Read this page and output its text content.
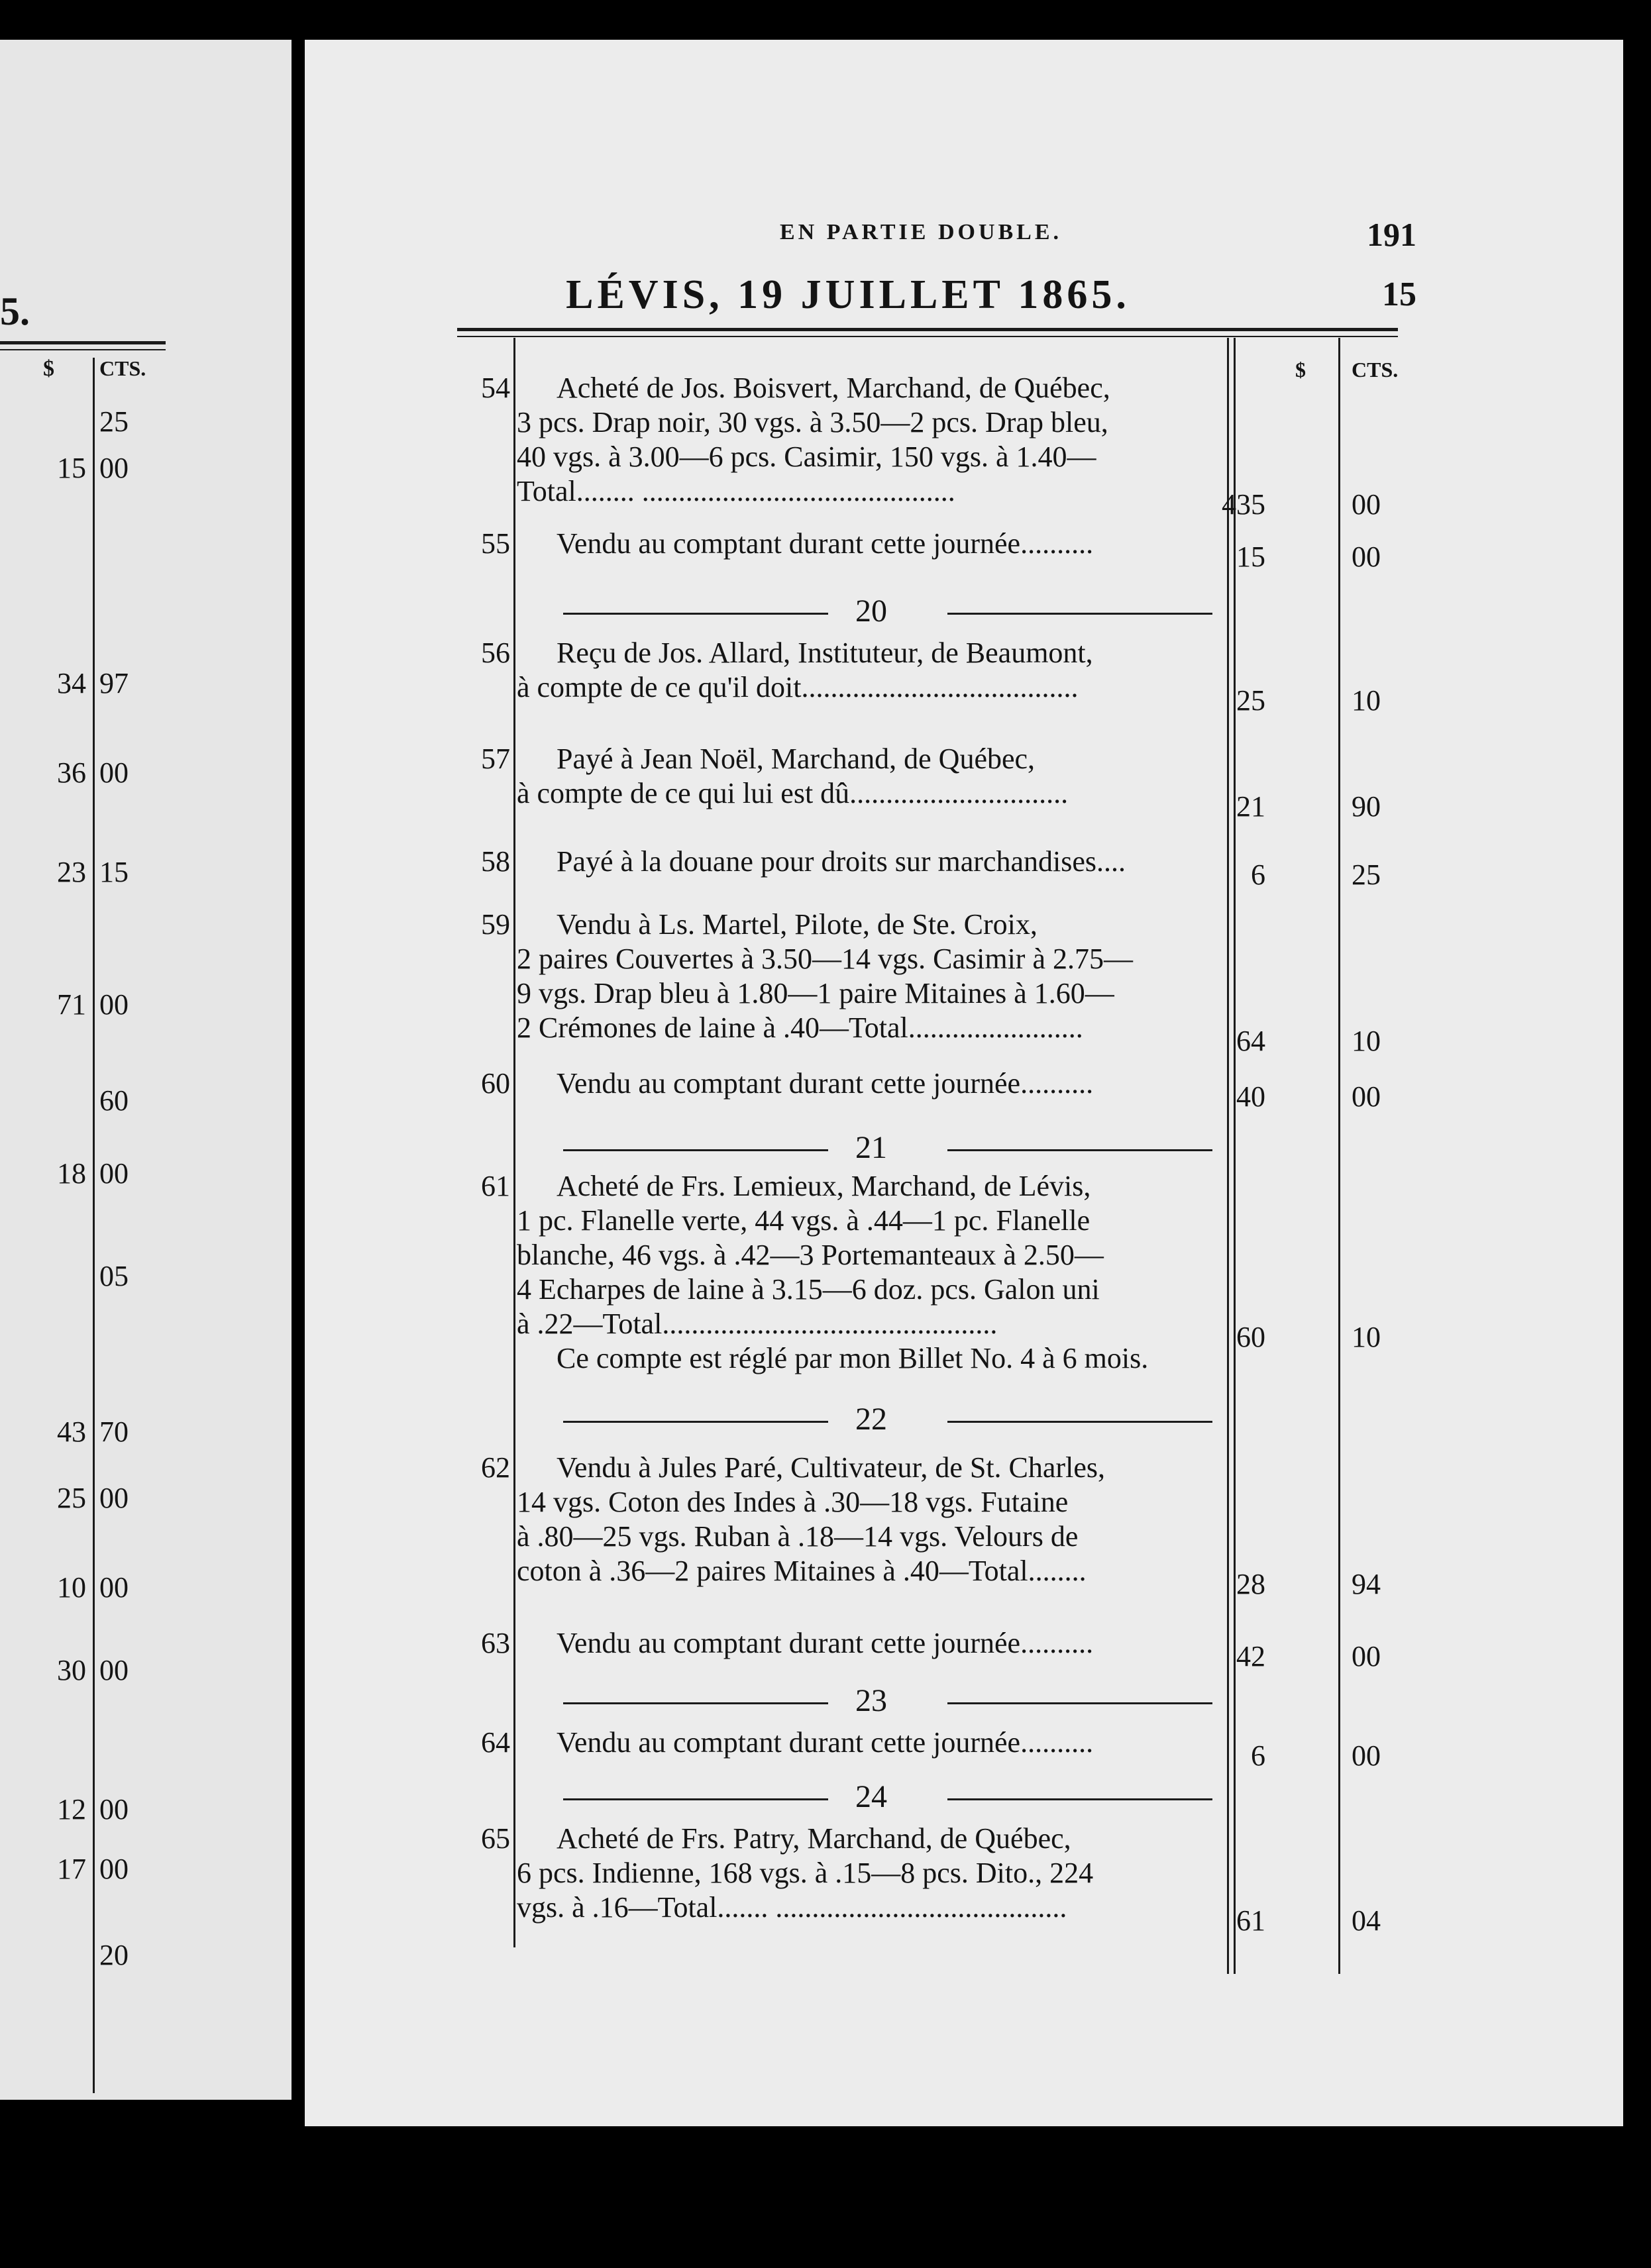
5.
$ CTS.
25
15 00
34 97
36 00
23 15
71 00
60
18 00
05
43 70
25 00
10 00
30 00
12 00
17 00
20
EN PARTIE DOUBLE.	191
LÉVIS, 19 JUILLET 1865.	15
$ CTS.
54	Acheté de Jos. Boisvert, Marchand, de Québec,
3 pcs. Drap noir, 30 vgs. à 3.50—2 pcs. Drap bleu,
40 vgs. à 3.00—6 pcs. Casimir, 150 vgs. à 1.40—
Total........ ...........................................	435	00
55	Vendu au comptant durant cette journée..........	15	00
20
56	Reçu de Jos. Allard, Instituteur, de Beaumont,
à compte de ce qu'il doit......................................	25	10
57	Payé à Jean Noël, Marchand, de Québec,
à compte de ce qui lui est dû..............................	21	90
58	Payé à la douane pour droits sur marchandises....	6	25
59	Vendu à Ls. Martel, Pilote, de Ste. Croix,
2 paires Couvertes à 3.50—14 vgs. Casimir à 2.75—
9 vgs. Drap bleu à 1.80—1 paire Mitaines à 1.60—
2 Crémones de laine à .40—Total........................	64	10
60	Vendu au comptant durant cette journée..........	40	00
21
61	Acheté de Frs. Lemieux, Marchand, de Lévis,
1 pc. Flanelle verte, 44 vgs. à .44—1 pc. Flanelle
blanche, 46 vgs. à .42—3 Portemanteaux à 2.50—
4 Echarpes de laine à 3.15—6 doz. pcs. Galon uni
à .22—Total..............................................
Ce compte est réglé par mon Billet No. 4 à 6 mois.
60	10
22
62	Vendu à Jules Paré, Cultivateur, de St. Charles,
14 vgs. Coton des Indes à .30—18 vgs. Futaine
à .80—25 vgs. Ruban à .18—14 vgs. Velours de
coton à .36—2 paires Mitaines à .40—Total........	28	94
63	Vendu au comptant durant cette journée..........	42	00
23
64	Vendu au comptant durant cette journée..........	6	00
24
65	Acheté de Frs. Patry, Marchand, de Québec,
6 pcs. Indienne, 168 vgs. à .15—8 pcs. Dito., 224
vgs. à .16—Total....... ........................................	61	04
